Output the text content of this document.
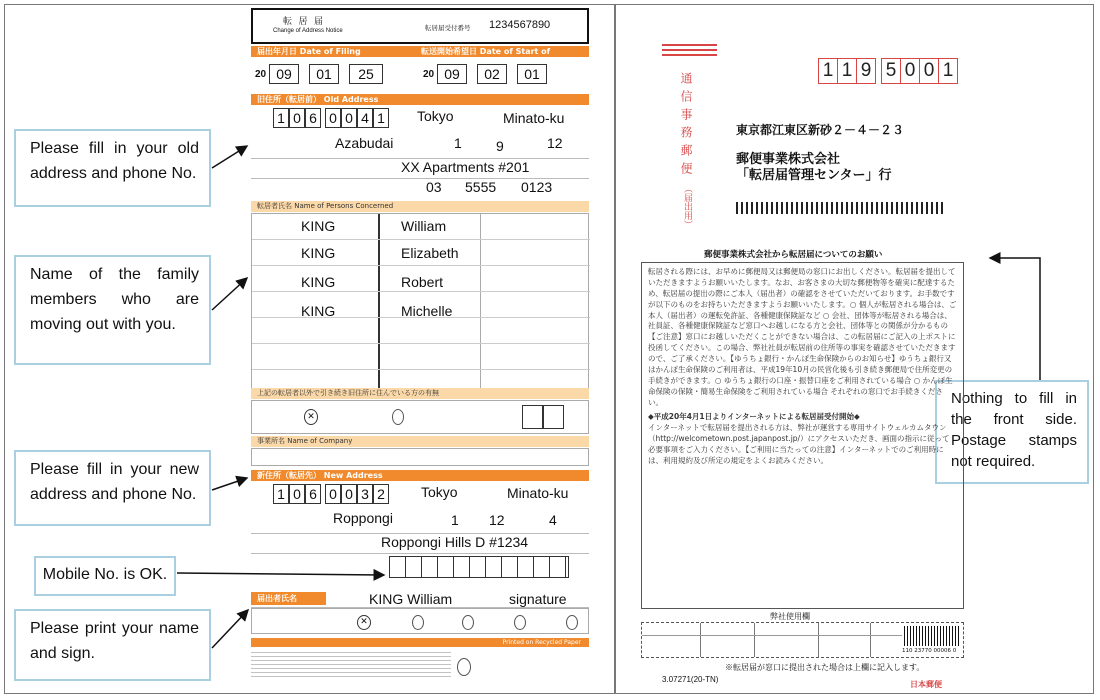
Please fill in your old address and phone No.
Name of the family members who are moving out with you.
Please fill in your new address and phone No.
Mobile No. is OK.
Please print your name and sign.
Nothing to fill in the front side. Postage stamps not required.
転 居 届
Change of Address Notice	転居届受付番号 1234567890
届出年月日 Date of Filing	転送開始希望日 Date of Start of Transfer
20 09	01	25	20 09	02	01
旧住所（転居前） Old Address
1 0 6 0 0 4 1 Tokyo	Minato-ku
Azabudai	1 9	12
XX Apartments #201
03 5555 0123
転居者氏名 Name of Persons Concerned
KING	William
KING	Elizabeth
KING	Robert
KING	Michelle
上記の転居者以外で引き続き旧住所に住んでいる方の有無
✕
事業所名 Name of Company
新住所（転居先） New Address
1 0 6 0 0 3 2	Tokyo	Minato-ku
Roppongi	1 12	4
Roppongi Hills D #1234
届出者氏名	KING William	signature
✕
Printed on Recycled Paper
1 1 9 5 0 0 1
通信事務郵便
（届出用）
東京都江東区新砂２－４－２３
郵便事業株式会社
「転居届管理センター」行
郵便事業株式会社から転居届についてのお願い
転居される際には、お早めに郵便局又は郵便局の窓口にお出しください。転居届を提出していただきますようお願いいたします。なお、お客さまの大切な郵便物等を確実に配達するため、転居届の提出の際にご本人（届出者）の確認をさせていただいております。お手数ですが以下のものをお持ちいただきますようお願いいたします。○ 個人が転居される場合は、ご本人（届出者）の運転免許証、各種健康保険証など ○ 会社、団体等が転居される場合は、社員証、各種健康保険証など窓口へお越しになる方と会社、団体等との関係が分かるもの 【ご注意】窓口にお越しいただくことができない場合は、この転居届にご記入の上ポストに投函してください。この場合、弊社社員が転居前の住所等の事実を確認させていただきますので、ご了承ください。【ゆうちょ銀行・かんぽ生命保険からのお知らせ】ゆうちょ銀行又はかんぽ生命保険のご利用者は、平成19年10月の民営化後も引き続き郵便局で住所変更の手続きができます。○ ゆうちょ銀行の口座・振替口座をご利用されている場合 ○ かんぽ生命保険の保険・簡易生命保険をご利用されている場合 それぞれの窓口でお手続きください。
◆平成20年4月1日よりインターネットによる転居届受付開始◆
インターネットで転居届を提出される方は、弊社が運営する専用サイトウェルカムタウン（http://welcometown.post.japanpost.jp/）にアクセスいただき、画面の指示に従って必要事項をご入力ください。【ご利用に当たっての注意】インターネットでのご利用時には、利用規約及び所定の規定をよくお読みください。
弊社使用欄
110 23770 00006 0
※転居届が窓口に提出された場合は上欄に記入します。
3.07271(20-TN)
日本郵便
